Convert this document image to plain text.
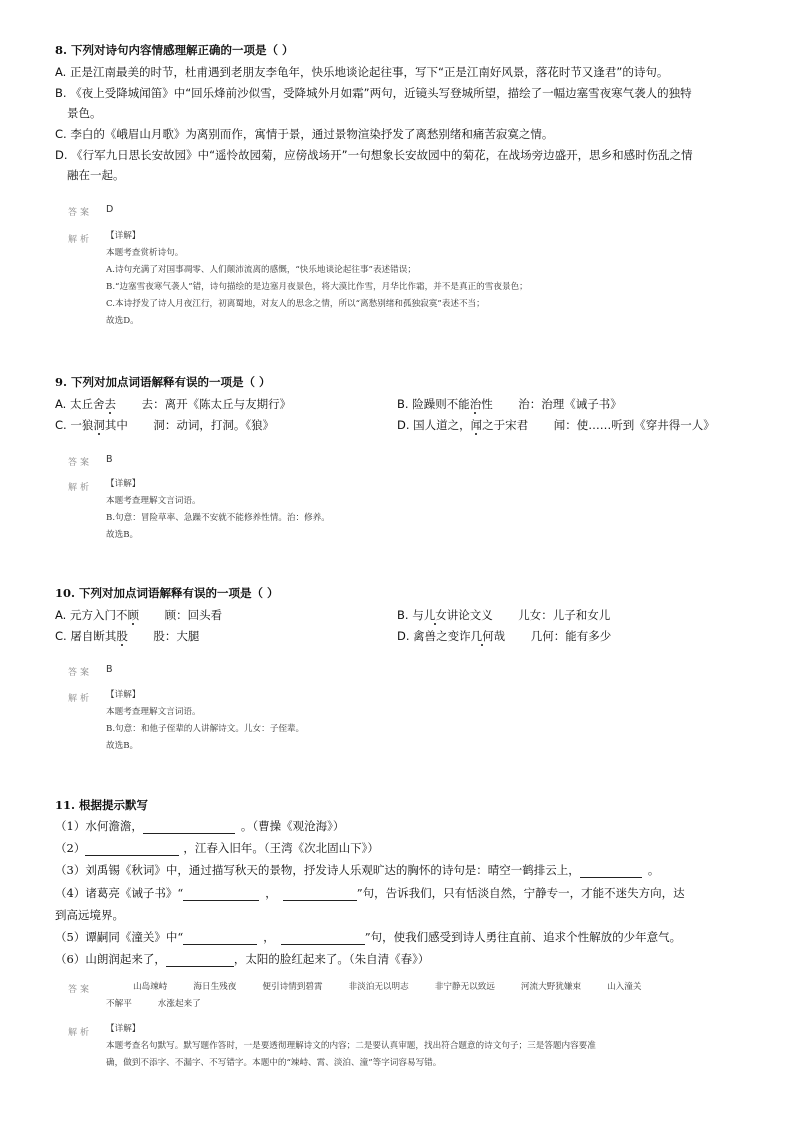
8. 下列对诗句内容情感理解正确的一项是（ ）
A. 正是江南最美的时节，杜甫遇到老朋友李龟年，快乐地谈论起往事，写下“正是江南好风景，落花时节又逢君”的诗句。
B. 《夜上受降城闻笛》中“回乐烽前沙似雪，受降城外月如霜”两句，近镜头写登城所望，描绘了一幅边塞雪夜寒气袭人的独特
景色。
C. 李白的《峨眉山月歌》为离别而作，寓情于景，通过景物渲染抒发了离愁别绪和痛苦寂寞之情。
D. 《行军九日思长安故园》中“遥怜故园菊，应傍战场开”一句想象长安故园中的菊花，在战场旁边盛开，思乡和感时伤乱之情
融在一起。
答案 D
解析 【详解】
本题考查赏析诗句。
A.诗句充满了对国事凋零、人们颠沛流离的感慨，“快乐地谈论起往事”表述错误；
B.“边塞雪夜寒气袭人”错，诗句描绘的是边塞月夜景色，将大漠比作雪，月华比作霜，并不是真正的雪夜景色；
C.本诗抒发了诗人月夜江行，初离蜀地，对友人的思念之情，所以“离愁别绪和孤独寂寞”表述不当；
故选D。
9. 下列对加点词语解释有误的一项是（ ）
A. 太丘舍去       去：离开《陈太丘与友期行》	B. 险躁则不能治性       治：治理《诫子书》
C. 一狼洞其中       洞：动词，打洞。《狼》	D. 国人道之，闻之于宋君       闻：使……听到《穿井得一人》
答案 B
解析 【详解】
本题考查理解文言词语。
B.句意：冒险草率、急躁不安就不能修养性情。治：修养。
故选B。
10. 下列对加点词语解释有误的一项是（ ）
A. 元方入门不顾       顾：回头看	B. 与儿女讲论文义       儿女：儿子和女儿
C. 屠自断其股       股：大腿	D. 禽兽之变诈几何哉       几何：能有多少
答案 B
解析 【详解】
本题考查理解文言词语。
B.句意：和他子侄辈的人讲解诗文。儿女：子侄辈。
故选B。
11. 根据提示默写
（1）水何澹澹，	。（曹操《观沧海》）
（2）	，江春入旧年。（王湾《次北固山下》）
（3）刘禹锡《秋词》中，通过描写秋天的景物，抒发诗人乐观旷达的胸怀的诗句是：晴空一鹤排云上，	。
（4）诸葛亮《诫子书》“	，	”句，告诉我们，只有恬淡自然，宁静专一，才能不迷失方向，达
到高远境界。
（5）谭嗣同《潼关》中“	，	”句，使我们感受到诗人勇往直前、追求个性解放的少年意气。
（6）山朗润起来了，	，太阳的脸红起来了。（朱自清《春》）
答案	山岛竦峙	海日生残夜	便引诗情到碧霄	非淡泊无以明志	非宁静无以致远	河流大野犹嫌束	山入潼关
不解平	水涨起来了
解析 【详解】
本题考查名句默写。默写题作答时，一是要透彻理解诗文的内容；二是要认真审题，找出符合题意的诗文句子；三是答题内容要准
确，做到不添字、不漏字、不写错字。本题中的“竦峙、霄、淡泊、潼”等字词容易写错。
